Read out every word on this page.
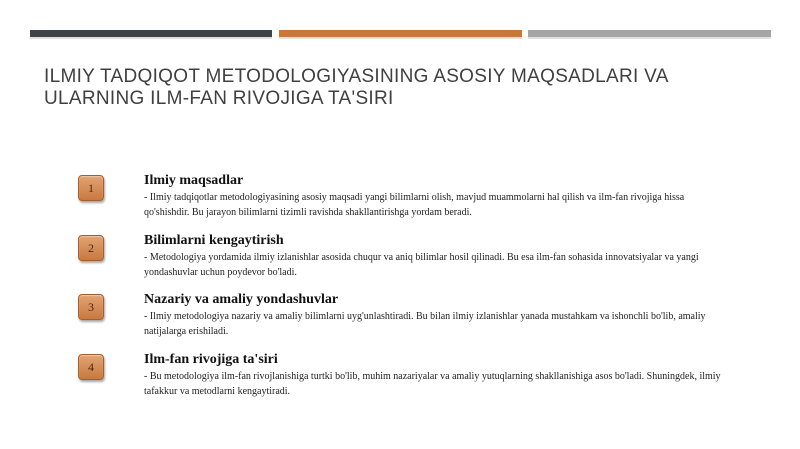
ILMIY TADQIQOT METODOLOGIYASINING ASOSIY MAQSADLARI VA ULARNING ILM-FAN RIVOJIGA TA'SIRI
1	Ilmiy maqsadlar
- Ilmiy tadqiqotlar metodologiyasining asosiy maqsadi yangi bilimlarni olish, mavjud muammolarni hal qilish va ilm-fan rivojiga hissa qo'shishdir. Bu jarayon bilimlarni tizimli ravishda shakllantirishga yordam beradi.
2	Bilimlarni kengaytirish
- Metodologiya yordamida ilmiy izlanishlar asosida chuqur va aniq bilimlar hosil qilinadi. Bu esa ilm-fan sohasida innovatsiyalar va yangi yondashuvlar uchun poydevor bo'ladi.
3	Nazariy va amaliy yondashuvlar
- Ilmiy metodologiya nazariy va amaliy bilimlarni uyg'unlashtiradi. Bu bilan ilmiy izlanishlar yanada mustahkam va ishonchli bo'lib, amaliy natijalarga erishiladi.
4	Ilm-fan rivojiga ta'siri
- Bu metodologiya ilm-fan rivojlanishiga turtki bo'lib, muhim nazariyalar va amaliy yutuqlarning shakllanishiga asos bo'ladi. Shuningdek, ilmiy tafakkur va metodlarni kengaytiradi.
